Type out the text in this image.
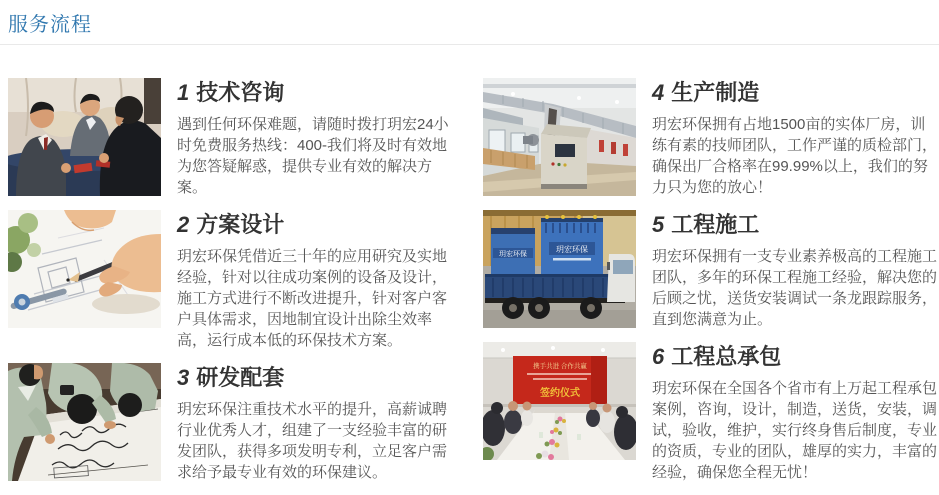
服务流程
1 技术咨询

遇到任何环保难题，请随时拨打玥宏24小时免费服务热线：400-我们将及时有效地为您答疑解惑，提供专业有效的解决方案。

2 方案设计

玥宏环保凭借近三十年的应用研究及实地经验，针对以往成功案例的设备及设计，施工方式进行不断改进提升，针对客户客户具体需求，因地制宜设计出除尘效率高，运行成本低的环保技术方案。

3 研发配套

玥宏环保注重技术水平的提升，高薪诚聘行业优秀人才，组建了一支经验丰富的研发团队，获得多项发明专利，立足客户需求给予最专业有效的环保建议。

4 生产制造

玥宏环保拥有占地1500亩的实体厂房，训练有素的技师团队，工作严谨的质检部门，确保出厂合格率在99.99%以上，我们的努力只为您的放心！

玥宏环保
玥宏环保
5 工程施工

玥宏环保拥有一支专业素养极高的工程施工团队，多年的环保工程施工经验，解决您的后顾之忧，送货安装调试一条龙跟踪服务，直到您满意为止。

携手共进 合作共赢
签约仪式
6 工程总承包

玥宏环保在全国各个省市有上万起工程承包案例，咨询，设计，制造，送货，安装，调试，验收，维护，实行终身售后制度，专业的资质，专业的团队，雄厚的实力，丰富的经验，确保您全程无忧！
